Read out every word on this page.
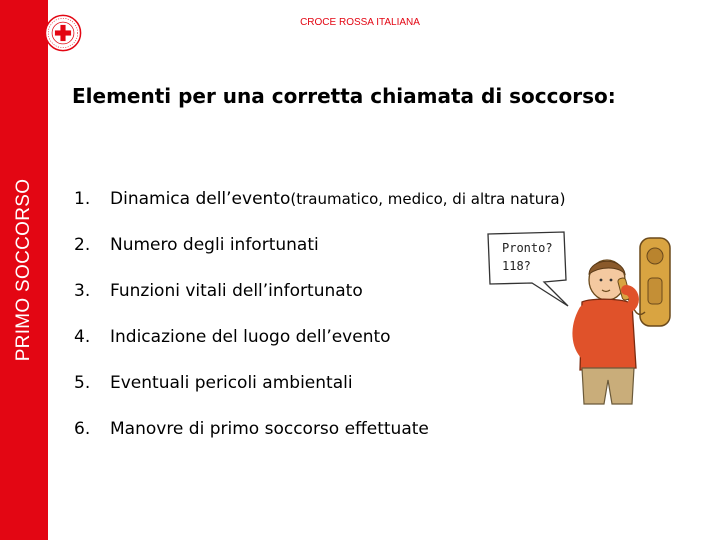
PRIMO SOCCORSO
CROCE ROSSA ITALIANA
Elementi per una corretta chiamata di soccorso:
1.	Dinamica dell’evento (traumatico, medico, di altra natura)
2.	Numero degli infortunati
3.	Funzioni vitali dell’infortunato
4.	Indicazione del luogo dell’evento
5.	Eventuali pericoli ambientali
6.	Manovre di primo soccorso effettuate
Pronto?
118?
